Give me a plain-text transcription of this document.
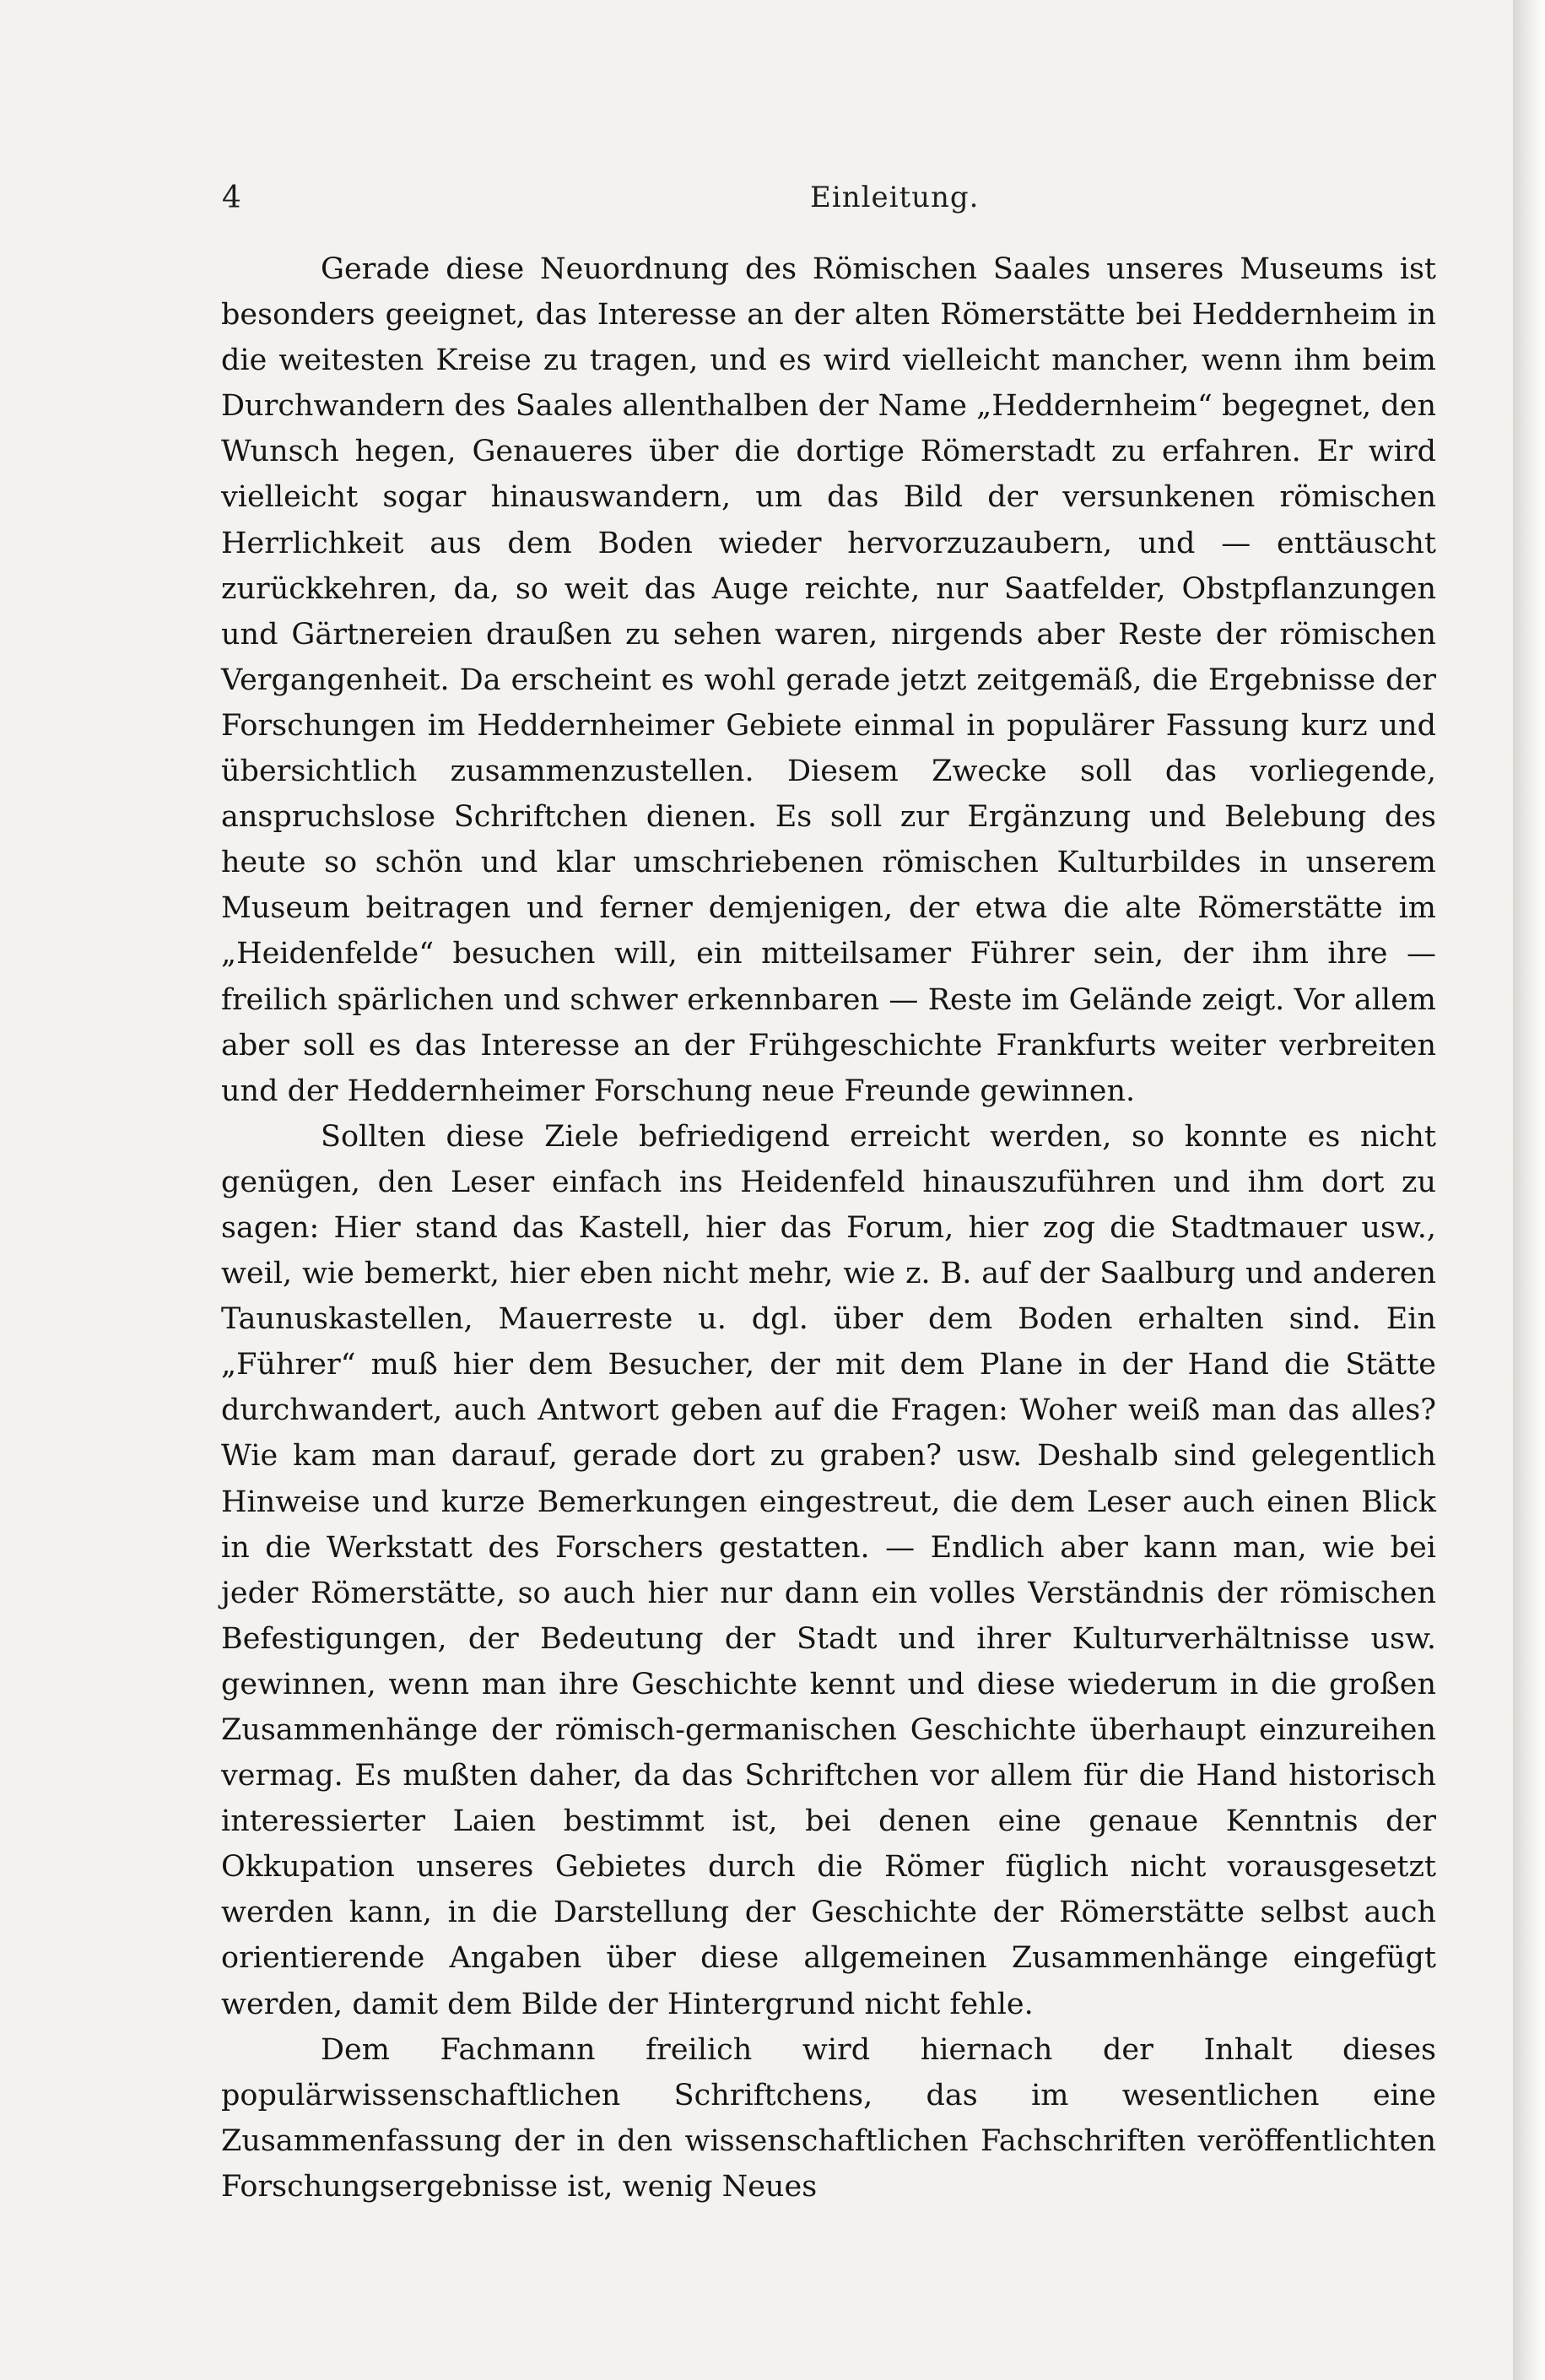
4	Einleitung.

Gerade diese Neuordnung des Römischen Saales unseres Museums ist besonders geeignet, das Interesse an der alten Römerstätte bei Heddernheim in die weitesten Kreise zu tragen, und es wird vielleicht mancher, wenn ihm beim Durchwandern des Saales allenthalben der Name „Heddernheim“ begegnet, den Wunsch hegen, Genaueres über die dortige Römerstadt zu erfahren. Er wird vielleicht sogar hinauswandern, um das Bild der versunkenen römischen Herrlichkeit aus dem Boden wieder hervorzuzaubern, und — enttäuscht zurückkehren, da, so weit das Auge reichte, nur Saatfelder, Obstpflanzungen und Gärtnereien draußen zu sehen waren, nirgends aber Reste der römischen Vergangenheit. Da erscheint es wohl gerade jetzt zeitgemäß, die Ergebnisse der Forschungen im Heddernheimer Gebiete einmal in populärer Fassung kurz und übersichtlich zusammenzustellen. Diesem Zwecke soll das vorliegende, anspruchslose Schriftchen dienen. Es soll zur Ergänzung und Belebung des heute so schön und klar umschriebenen römischen Kulturbildes in unserem Museum beitragen und ferner demjenigen, der etwa die alte Römerstätte im „Heidenfelde“ besuchen will, ein mitteilsamer Führer sein, der ihm ihre — freilich spärlichen und schwer erkennbaren — Reste im Gelände zeigt. Vor allem aber soll es das Interesse an der Frühgeschichte Frankfurts weiter verbreiten und der Heddernheimer Forschung neue Freunde gewinnen.

Sollten diese Ziele befriedigend erreicht werden, so konnte es nicht genügen, den Leser einfach ins Heidenfeld hinauszuführen und ihm dort zu sagen: Hier stand das Kastell, hier das Forum, hier zog die Stadtmauer usw., weil, wie bemerkt, hier eben nicht mehr, wie z. B. auf der Saalburg und anderen Taunuskastellen, Mauerreste u. dgl. über dem Boden erhalten sind. Ein „Führer“ muß hier dem Besucher, der mit dem Plane in der Hand die Stätte durchwandert, auch Antwort geben auf die Fragen: Woher weiß man das alles? Wie kam man darauf, gerade dort zu graben? usw. Deshalb sind gelegentlich Hinweise und kurze Bemerkungen eingestreut, die dem Leser auch einen Blick in die Werkstatt des Forschers gestatten. — Endlich aber kann man, wie bei jeder Römerstätte, so auch hier nur dann ein volles Verständnis der römischen Befestigungen, der Bedeutung der Stadt und ihrer Kulturverhältnisse usw. gewinnen, wenn man ihre Geschichte kennt und diese wiederum in die großen Zusammenhänge der römisch-germanischen Geschichte überhaupt einzureihen vermag. Es mußten daher, da das Schriftchen vor allem für die Hand historisch interessierter Laien bestimmt ist, bei denen eine genaue Kenntnis der Okkupation unseres Gebietes durch die Römer füglich nicht vorausgesetzt werden kann, in die Darstellung der Geschichte der Römerstätte selbst auch orientierende Angaben über diese allgemeinen Zusammenhänge eingefügt werden, damit dem Bilde der Hintergrund nicht fehle.

Dem Fachmann freilich wird hiernach der Inhalt dieses populärwissenschaftlichen Schriftchens, das im wesentlichen eine Zusammenfassung der in den wissenschaftlichen Fachschriften veröffentlichten Forschungsergebnisse ist, wenig Neues
